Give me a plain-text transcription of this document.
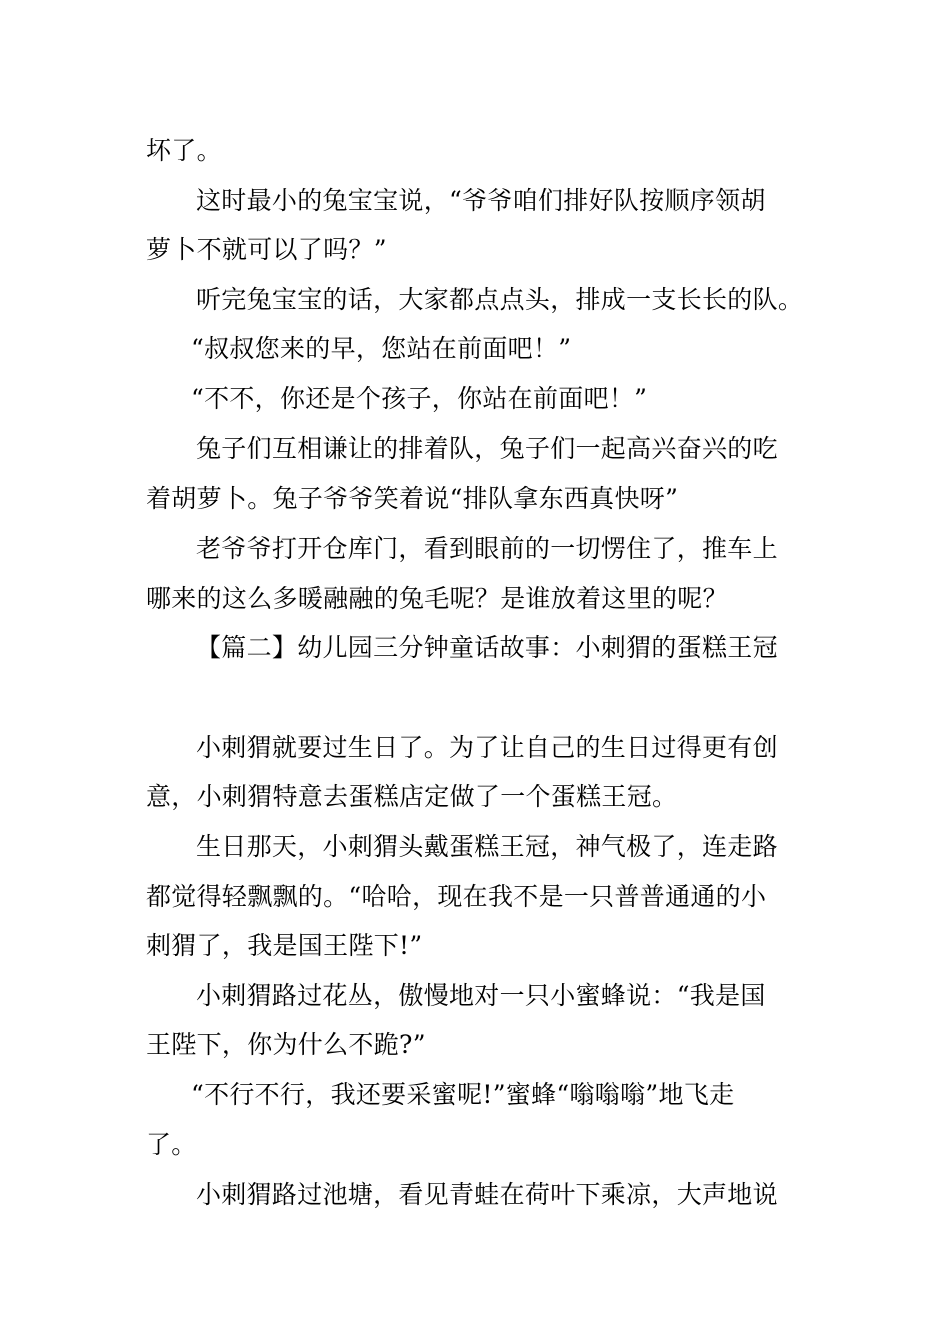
坏了。
这时最小的兔宝宝说，“爷爷咱们排好队按顺序领胡
萝卜不就可以了吗？”
听完兔宝宝的话，大家都点点头，排成一支长长的队。
“叔叔您来的早，您站在前面吧！”
“不不，你还是个孩子，你站在前面吧！”
兔子们互相谦让的排着队，兔子们一起高兴奋兴的吃
着胡萝卜。兔子爷爷笑着说“排队拿东西真快呀”
老爷爷打开仓库门，看到眼前的一切愣住了，推车上
哪来的这么多暖融融的兔毛呢？是谁放着这里的呢？
【篇二】幼儿园三分钟童话故事：小刺猬的蛋糕王冠
小刺猬就要过生日了。为了让自己的生日过得更有创
意，小刺猬特意去蛋糕店定做了一个蛋糕王冠。
生日那天，小刺猬头戴蛋糕王冠，神气极了，连走路
都觉得轻飘飘的。“哈哈，现在我不是一只普普通通的小
刺猬了，我是国王陛下!”
小刺猬路过花丛，傲慢地对一只小蜜蜂说：“我是国
王陛下，你为什么不跪?”
“不行不行，我还要采蜜呢!”蜜蜂“嗡嗡嗡”地飞走
了。
小刺猬路过池塘，看见青蛙在荷叶下乘凉，大声地说
